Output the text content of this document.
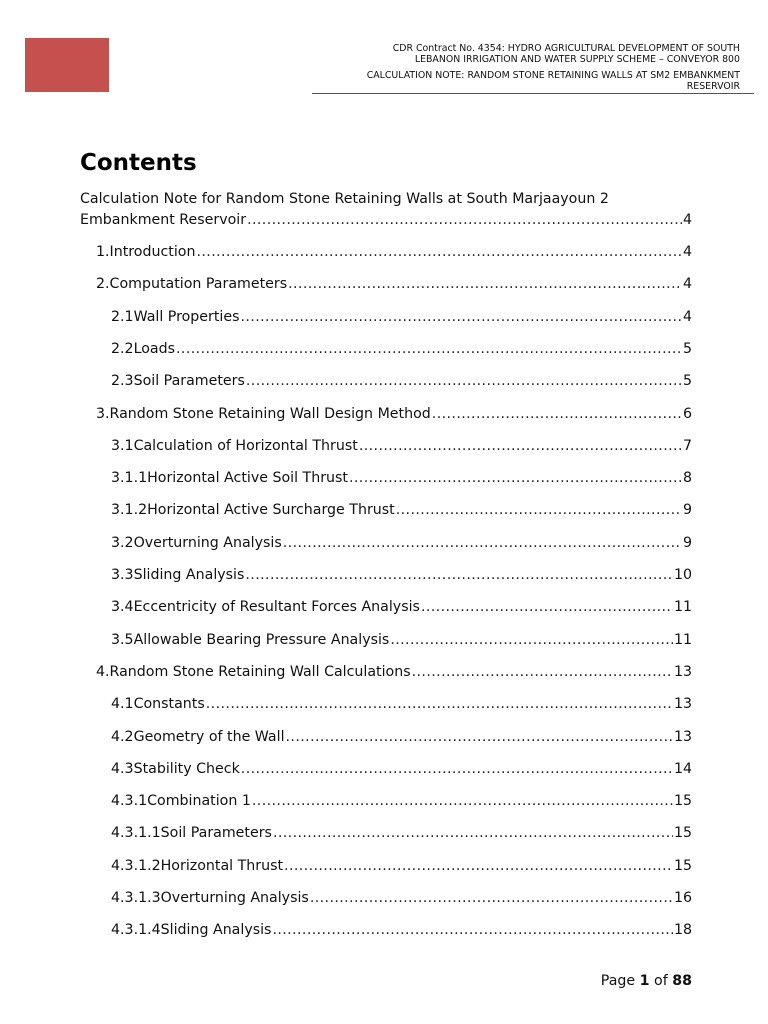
CDR Contract No. 4354: HYDRO AGRICULTURAL DEVELOPMENT OF SOUTH
LEBANON IRRIGATION AND WATER SUPPLY SCHEME – CONVEYOR 800
CALCULATION NOTE: RANDOM STONE RETAINING WALLS AT SM2 EMBANKMENT
RESERVOIR
Contents
Calculation Note for Random Stone Retaining Walls at South Marjaayoun 2
Embankment Reservoir .....	4
1. Introduction .....	4
2. Computation Parameters .....	4
2.1 Wall Properties .....	4
2.2 Loads .....	5
2.3 Soil Parameters .....	5
3. Random Stone Retaining Wall Design Method .....	6
3.1 Calculation of Horizontal Thrust .....	7
3.1.1 Horizontal Active Soil Thrust .....	8
3.1.2 Horizontal Active Surcharge Thrust .....	9
3.2 Overturning Analysis .....	9
3.3 Sliding Analysis .....	10
3.4 Eccentricity of Resultant Forces Analysis .....	11
3.5 Allowable Bearing Pressure Analysis .....	11
4. Random Stone Retaining Wall Calculations .....	13
4.1 Constants .....	13
4.2 Geometry of the Wall .....	13
4.3 Stability Check .....	14
4.3.1 Combination 1 .....	15
4.3.1.1 Soil Parameters .....	15
4.3.1.2 Horizontal Thrust .....	15
4.3.1.3 Overturning Analysis .....	16
4.3.1.4 Sliding Analysis .....	18
Page 1 of 88
